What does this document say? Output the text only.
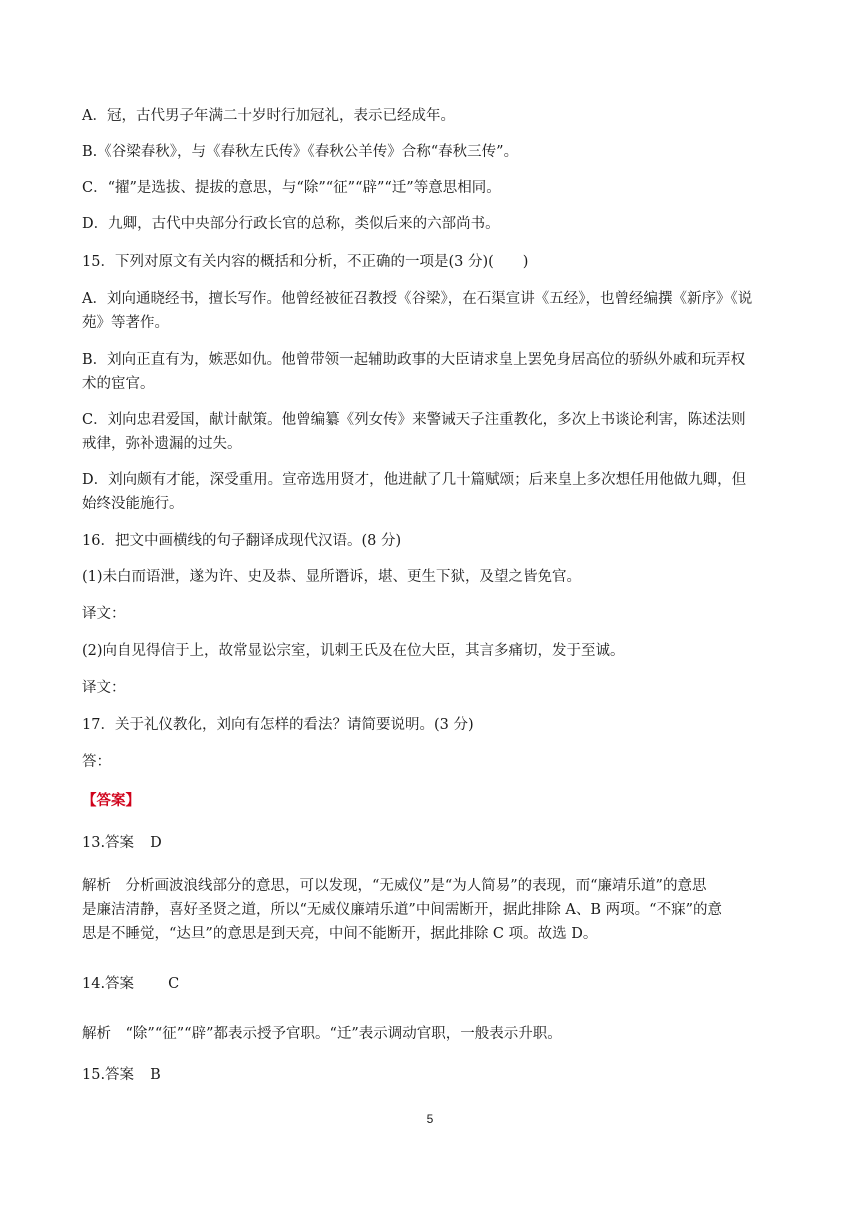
A．冠，古代男子年满二十岁时行加冠礼，表示已经成年。
B.《谷梁春秋》，与《春秋左氏传》《春秋公羊传》合称“春秋三传”。
C．“擢”是选拔、提拔的意思，与“除”“征”“辟”“迁”等意思相同。
D．九卿，古代中央部分行政长官的总称，类似后来的六部尚书。
15．下列对原文有关内容的概括和分析，不正确的一项是(3 分)(　　)
A．刘向通晓经书，擅长写作。他曾经被征召教授《谷梁》，在石渠宣讲《五经》，也曾经编撰《新序》《说
苑》等著作。
B．刘向正直有为，嫉恶如仇。他曾带领一起辅助政事的大臣请求皇上罢免身居高位的骄纵外戚和玩弄权
术的宦官。
C．刘向忠君爱国，献计献策。他曾编纂《列女传》来警诫天子注重教化，多次上书谈论利害，陈述法则
戒律，弥补遗漏的过失。
D．刘向颇有才能，深受重用。宣帝选用贤才，他进献了几十篇赋颂；后来皇上多次想任用他做九卿，但
始终没能施行。
16．把文中画横线的句子翻译成现代汉语。(8 分)
(1)未白而语泄，遂为许、史及恭、显所谮诉，堪、更生下狱，及望之皆免官。
译文：
(2)向自见得信于上，故常显讼宗室，讥刺王氏及在位大臣，其言多痛切，发于至诚。
译文：
17．关于礼仪教化，刘向有怎样的看法？请简要说明。(3 分)
答：
【答案】
13.答案 D
解析　分析画波浪线部分的意思，可以发现，“无威仪”是“为人简易”的表现，而“廉靖乐道”的意思
是廉洁清静，喜好圣贤之道，所以“无威仪廉靖乐道”中间需断开，据此排除 A、B 两项。“不寐”的意
思是不睡觉，“达旦”的意思是到天亮，中间不能断开，据此排除 C 项。故选 D。
14.答案 C
解析　“除”“征”“辟”都表示授予官职。“迁”表示调动官职，一般表示升职。
15.答案 B
5
